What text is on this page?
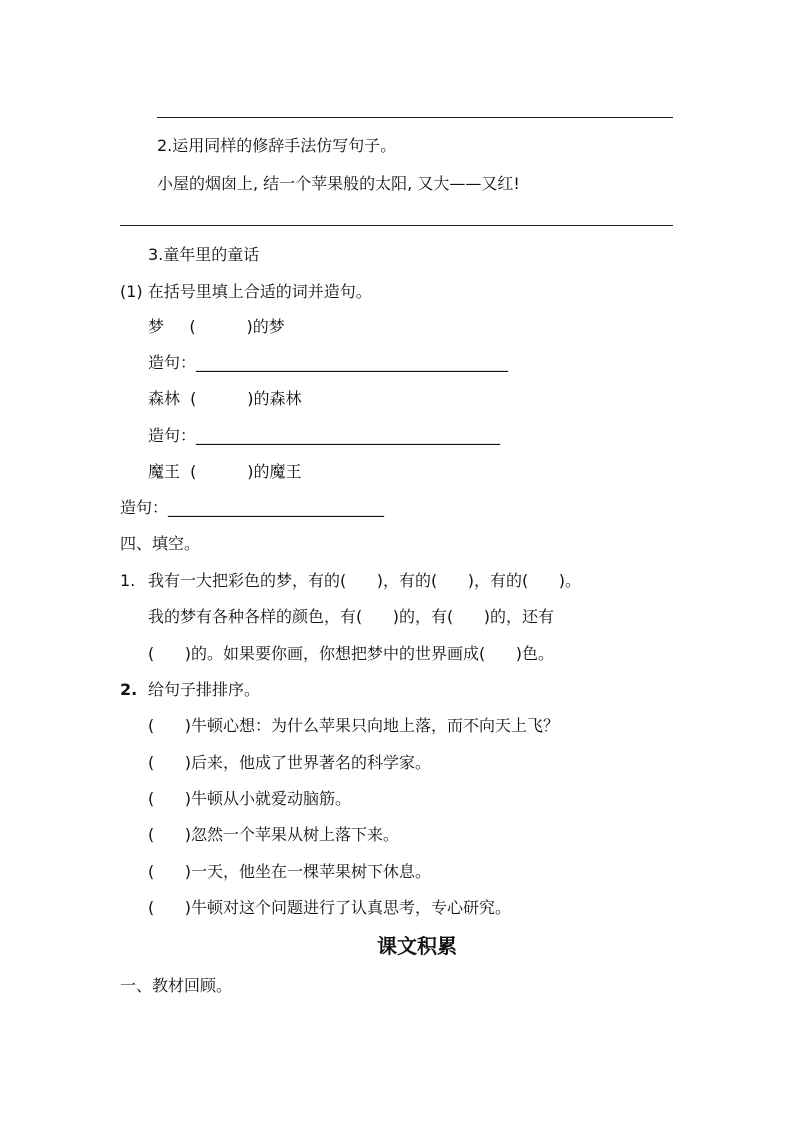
2.运用同样的修辞手法仿写句子。
小屋的烟囱上, 结一个苹果般的太阳, 又大——又红!
3.童年里的童话
(1) 在括号里填上合适的词并造句。
梦     (          )的梦
造句：_______________________________________
森林  (          )的森林
造句：______________________________________
魔王  (          )的魔王
造句：___________________________
四、填空。
1. 我有一大把彩色的梦，有的(      )，有的(      )，有的(      )。
我的梦有各种各样的颜色，有(      )的，有(      )的，还有
(      )的。如果要你画，你想把梦中的世界画成(      )色。
2. 给句子排排序。
(      )牛顿心想：为什么苹果只向地上落，而不向天上飞？
(      )后来，他成了世界著名的科学家。
(      )牛顿从小就爱动脑筋。
(      )忽然一个苹果从树上落下来。
(      )一天，他坐在一棵苹果树下休息。
(      )牛顿对这个问题进行了认真思考，专心研究。
课文积累
一、教材回顾。
